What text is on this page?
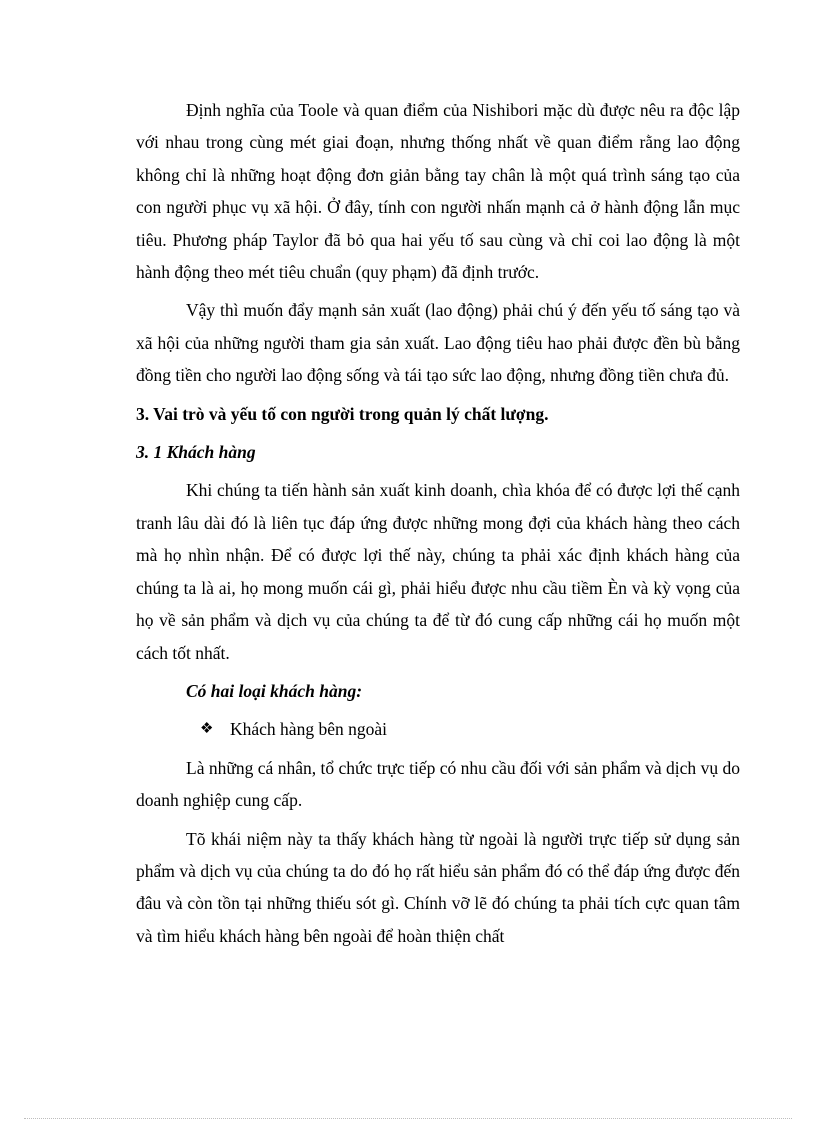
Định nghĩa của Toole và quan điểm của Nishibori mặc dù được nêu ra độc lập với nhau trong cùng mét giai đoạn, nhưng thống nhất về quan điểm rằng lao động không chỉ là những hoạt động đơn giản bằng tay chân là một quá trình sáng tạo của con người phục vụ xã hội. Ở đây, tính con người nhấn mạnh cả ở hành động lẫn mục tiêu. Phương pháp Taylor đã bỏ qua hai yếu tố sau cùng và chỉ coi lao động là một hành động theo mét tiêu chuẩn (quy phạm) đã định trước.

Vậy thì muốn đẩy mạnh sản xuất (lao động) phải chú ý đến yếu tố sáng tạo và xã hội của những người tham gia sản xuất. Lao động tiêu hao phải được đền bù bằng đồng tiền cho người lao động sống và tái tạo sức lao động, nhưng đồng tiền chưa đủ.

3. Vai trò và yếu tố con người trong quản lý chất lượng.

3. 1 Khách hàng

Khi chúng ta tiến hành sản xuất kinh doanh, chìa khóa để có được lợi thế cạnh tranh lâu dài đó là liên tục đáp ứng được những mong đợi của khách hàng theo cách mà họ nhìn nhận. Để có được lợi thế này, chúng ta phải xác định khách hàng của chúng ta là ai, họ mong muốn cái gì, phải hiểu được nhu cầu tiềm Èn và kỳ vọng của họ về sản phẩm và dịch vụ của chúng ta để từ đó cung cấp những cái họ muốn một cách tốt nhất.

Có hai loại khách hàng:

❖ Khách hàng bên ngoài

Là những cá nhân, tổ chức trực tiếp có nhu cầu đối với sản phẩm và dịch vụ do doanh nghiệp cung cấp.

Tõ khái niệm này ta thấy khách hàng từ ngoài là người trực tiếp sử dụng sản phẩm và dịch vụ của chúng ta do đó họ rất hiểu sản phẩm đó có thể đáp ứng được đến đâu và còn tồn tại những thiếu sót gì. Chính vỡ lẽ đó chúng ta phải tích cực quan tâm và tìm hiểu khách hàng bên ngoài để hoàn thiện chất
